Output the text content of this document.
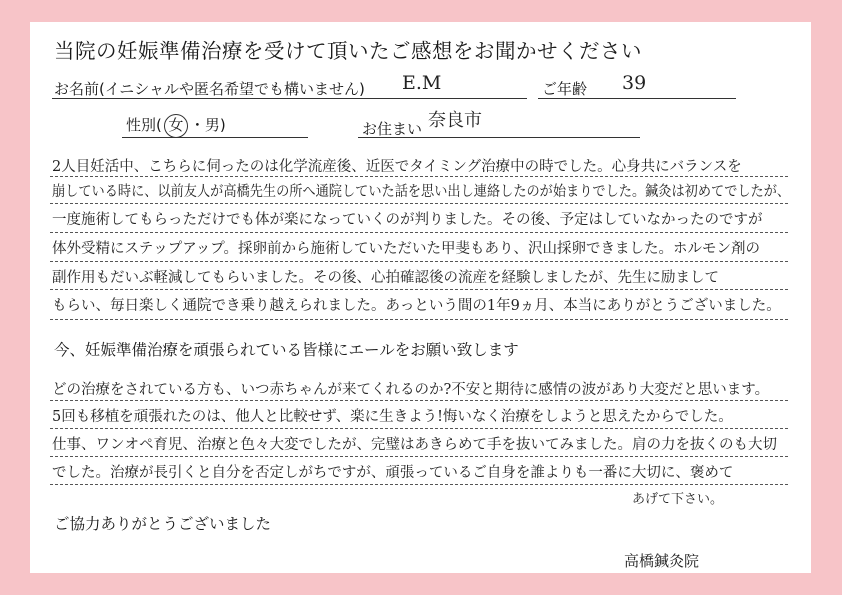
当院の妊娠準備治療を受けて頂いたご感想をお聞かせください
お名前(イニシャルや匿名希望でも構いません) E.M	ご年齢 39
性別( 女 ・男)	お住まい 奈良市
2人目妊活中、こちらに伺ったのは化学流産後、近医でタイミング治療中の時でした。心身共にバランスを
崩している時に、以前友人が高橋先生の所へ通院していた話を思い出し連絡したのが始まりでした。鍼灸は初めてでしたが、
一度施術してもらっただけでも体が楽になっていくのが判りました。その後、予定はしていなかったのですが
体外受精にステップアップ。採卵前から施術していただいた甲斐もあり、沢山採卵できました。ホルモン剤の
副作用もだいぶ軽減してもらいました。その後、心拍確認後の流産を経験しましたが、先生に励まして
もらい、毎日楽しく通院でき乗り越えられました。あっという間の1年9ヵ月、本当にありがとうございました。
今、妊娠準備治療を頑張られている皆様にエールをお願い致します
どの治療をされている方も、いつ赤ちゃんが来てくれるのか?不安と期待に感情の波があり大変だと思います。
5回も移植を頑張れたのは、他人と比較せず、楽に生きよう!悔いなく治療をしようと思えたからでした。
仕事、ワンオペ育児、治療と色々大変でしたが、完璧はあきらめて手を抜いてみました。肩の力を抜くのも大切
でした。治療が長引くと自分を否定しがちですが、頑張っているご自身を誰よりも一番に大切に、褒めて
あげて下さい。
ご協力ありがとうございました
高橋鍼灸院
